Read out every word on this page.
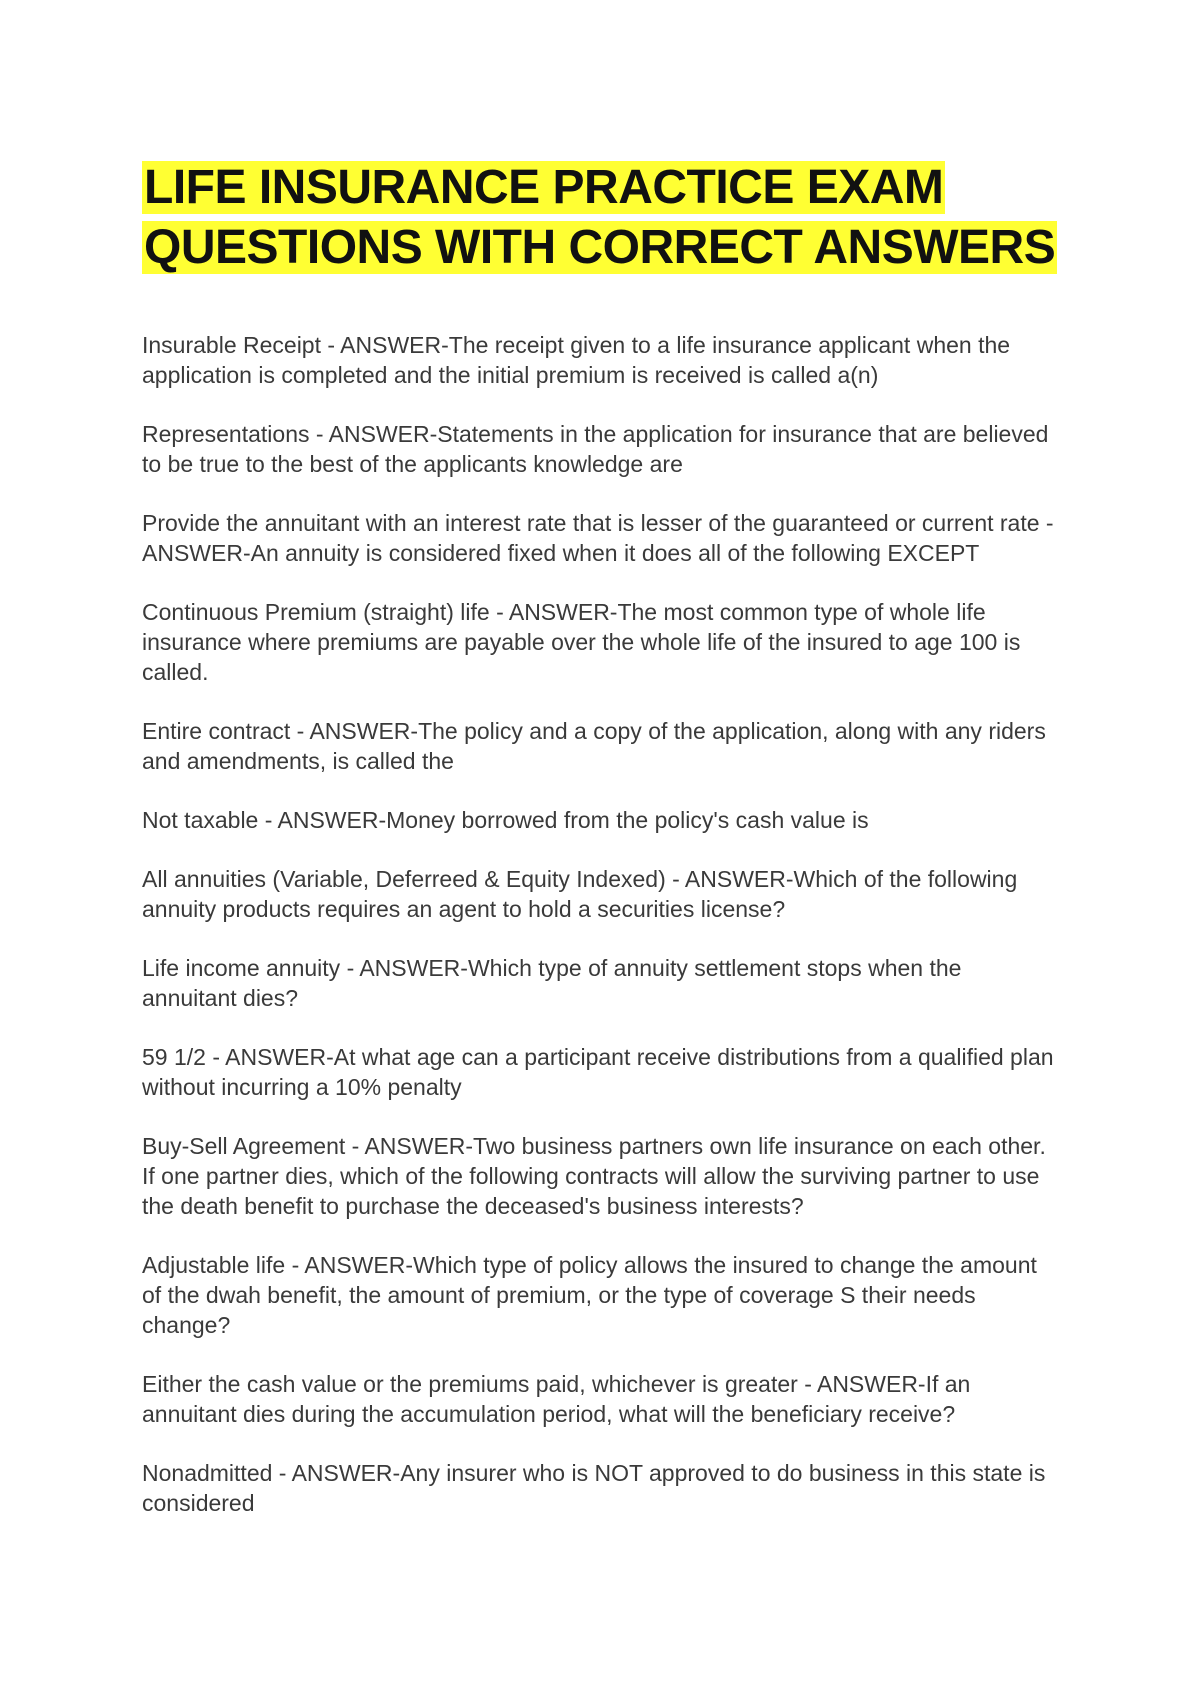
LIFE INSURANCE PRACTICE EXAM
QUESTIONS WITH CORRECT ANSWERS
Insurable Receipt - ANSWER-The receipt given to a life insurance applicant when the application is completed and the initial premium is received is called a(n)
Representations - ANSWER-Statements in the application for insurance that are believed to be true to the best of the applicants knowledge are
Provide the annuitant with an interest rate that is lesser of the guaranteed or current rate - ANSWER-An annuity is considered fixed when it does all of the following EXCEPT
Continuous Premium (straight) life - ANSWER-The most common type of whole life insurance where premiums are payable over the whole life of the insured to age 100 is called.
Entire contract - ANSWER-The policy and a copy of the application, along with any riders and amendments, is called the
Not taxable - ANSWER-Money borrowed from the policy's cash value is
All annuities (Variable, Deferreed & Equity Indexed) - ANSWER-Which of the following annuity products requires an agent to hold a securities license?
Life income annuity - ANSWER-Which type of annuity settlement stops when the annuitant dies?
59 1/2 - ANSWER-At what age can a participant receive distributions from a qualified plan without incurring a 10% penalty
Buy-Sell Agreement - ANSWER-Two business partners own life insurance on each other. If one partner dies, which of the following contracts will allow the surviving partner to use the death benefit to purchase the deceased's business interests?
Adjustable life - ANSWER-Which type of policy allows the insured to change the amount of the dwah benefit, the amount of premium, or the type of coverage S their needs change?
Either the cash value or the premiums paid, whichever is greater - ANSWER-If an annuitant dies during the accumulation period, what will the beneficiary receive?
Nonadmitted - ANSWER-Any insurer who is NOT approved to do business in this state is considered
